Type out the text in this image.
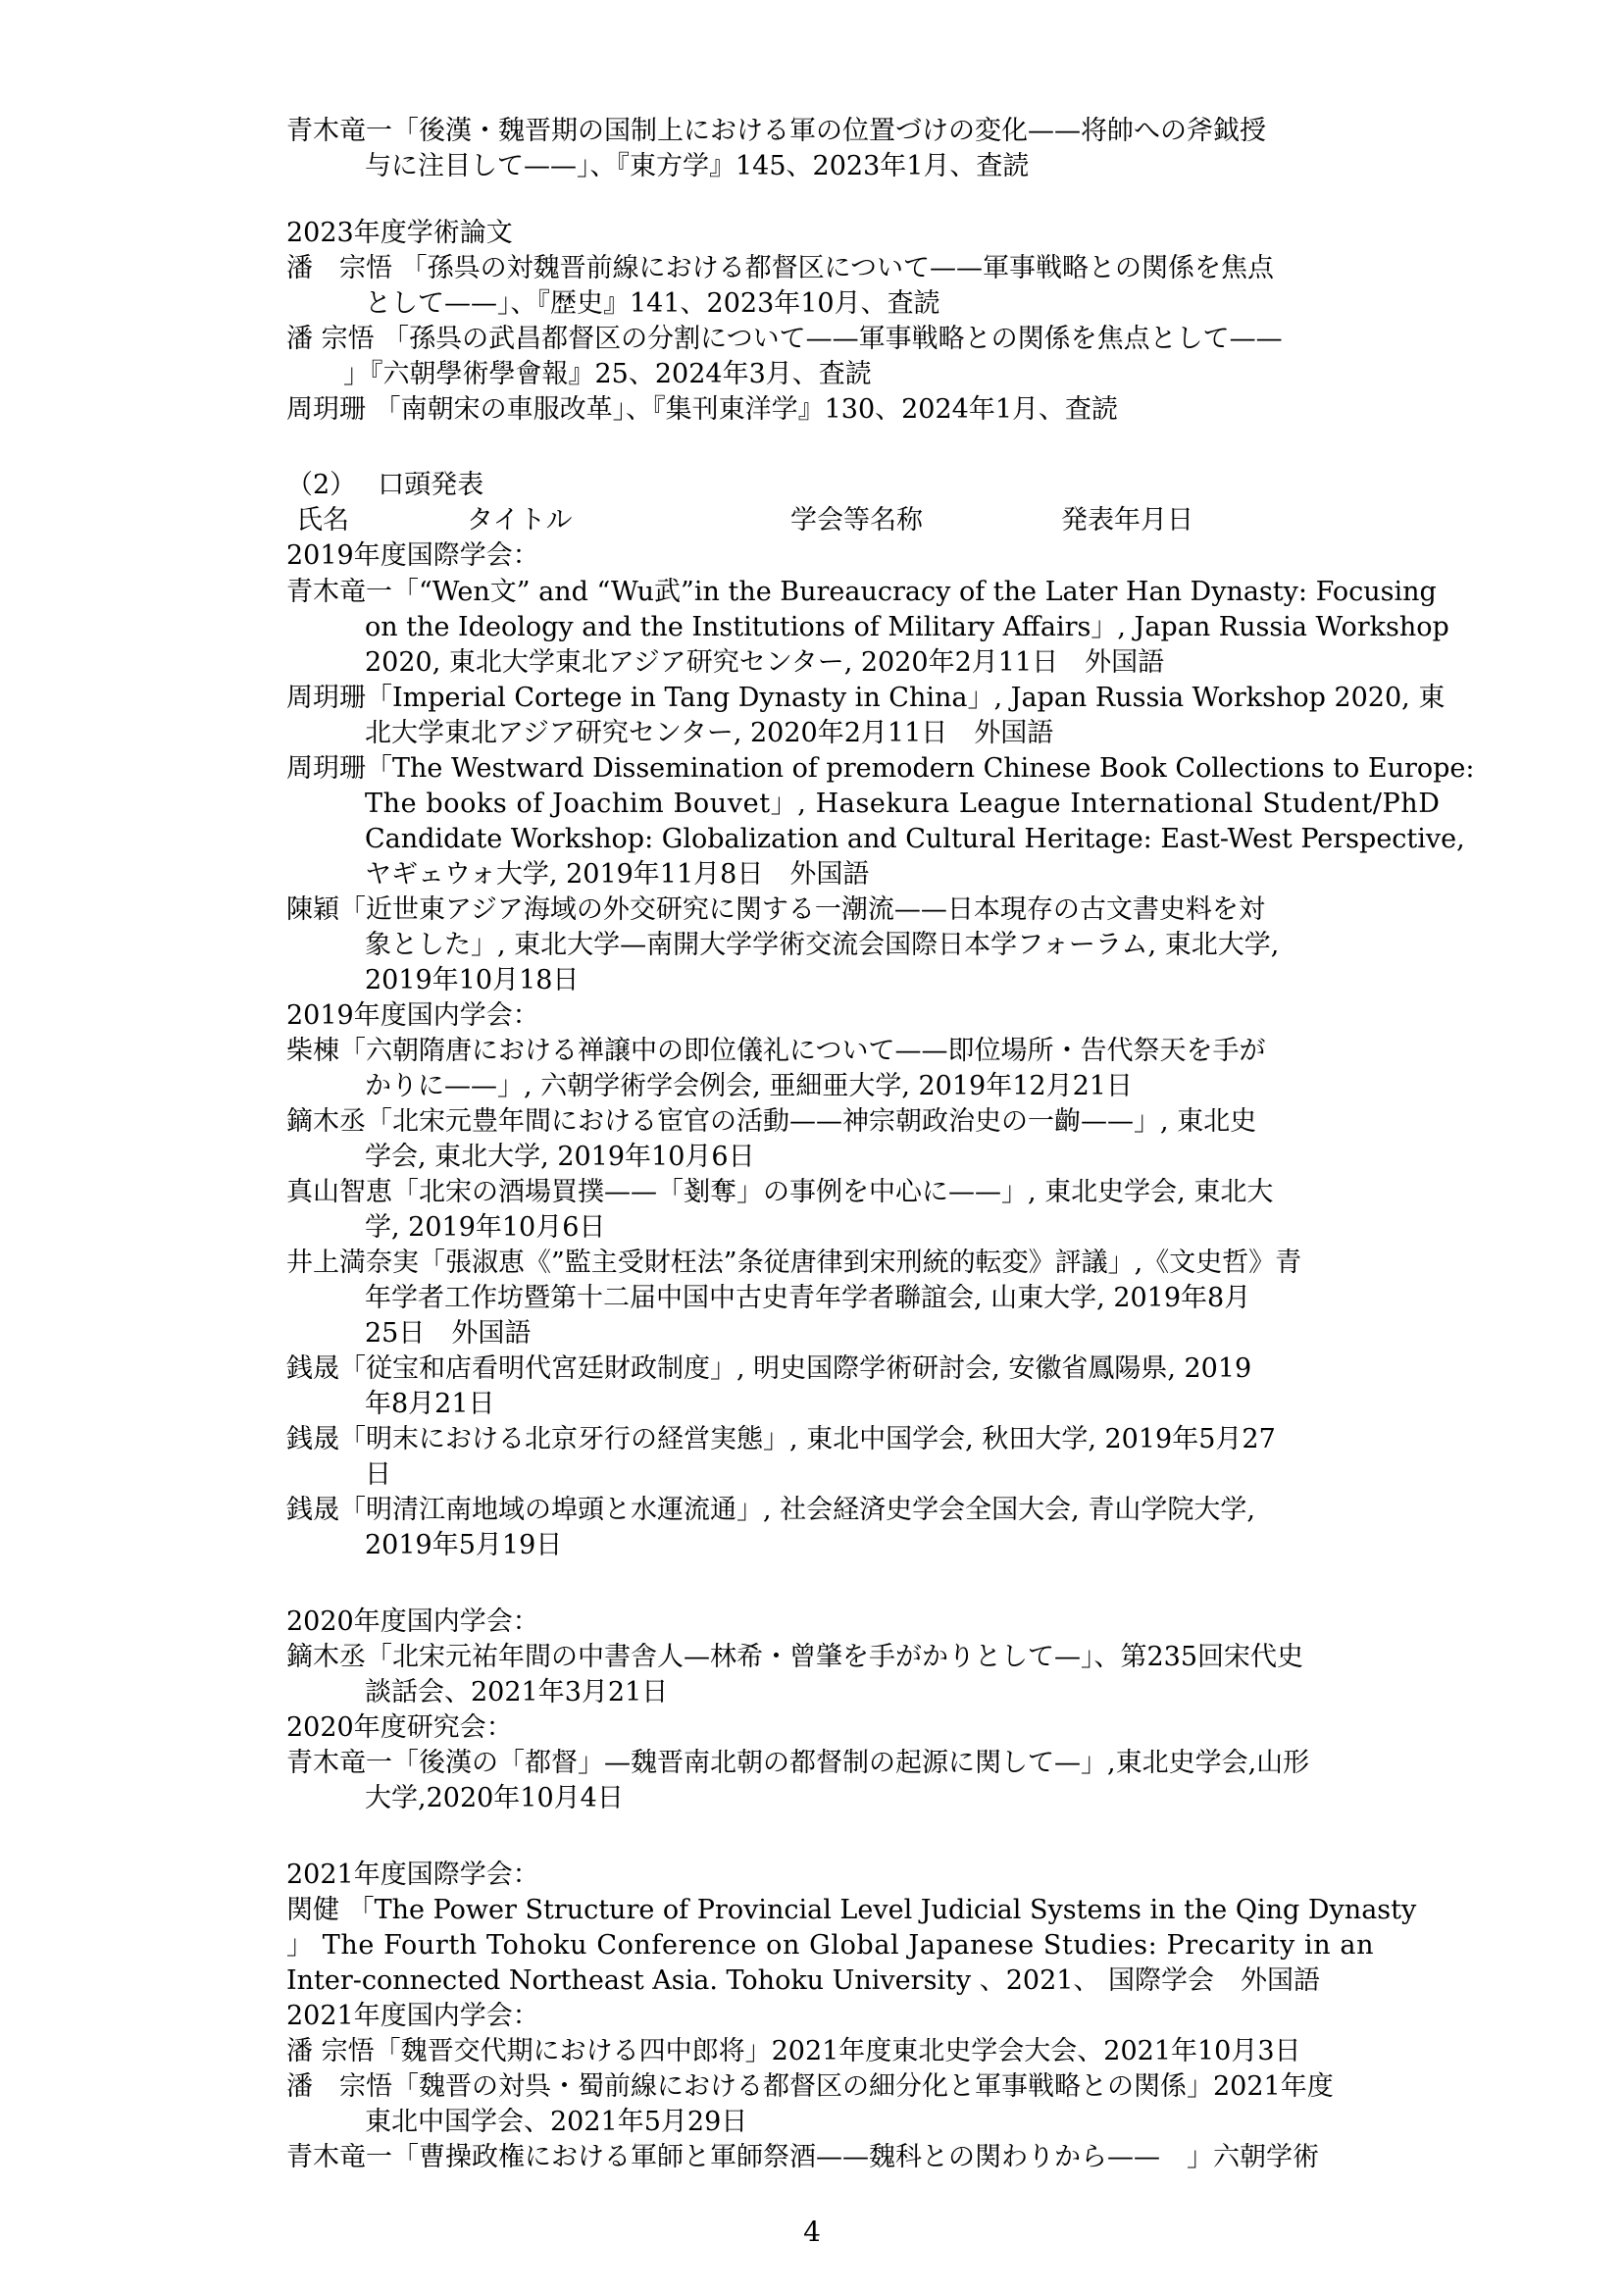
青木竜一「後漢・魏晋期の国制上における軍の位置づけの変化——将帥への斧鉞授
与に注目して——」、『東方学』145、2023年1月、査読
2023年度学術論文
潘　宗悟 「孫呉の対魏晋前線における都督区について——軍事戦略との関係を焦点
として——」、『歴史』141、2023年10月、査読
潘 宗悟 「孫呉の武昌都督区の分割について——軍事戦略との関係を焦点として——
」『六朝學術學會報』25、2024年3月、査読
周玥珊 「南朝宋の車服改革」、『集刊東洋学』130、2024年1月、査読
（2）　 口頭発表
氏名	タイトル	学会等名称	発表年月日
2019年度国際学会：
青木竜一「“Wen文” and “Wu武”in the Bureaucracy of the Later Han Dynasty: Focusing
on the Ideology and the Institutions of Military Affairs」, Japan Russia Workshop
2020, 東北大学東北アジア研究センター, 2020年2月11日　外国語
周玥珊「Imperial Cortege in Tang Dynasty in China」, Japan Russia Workshop 2020, 東
北大学東北アジア研究センター, 2020年2月11日　外国語
周玥珊「The Westward Dissemination of premodern Chinese Book Collections to Europe:
The books of Joachim Bouvet」, Hasekura League International Student/PhD
Candidate Workshop: Globalization and Cultural Heritage: East-West Perspective,
ヤギェウォ大学, 2019年11月8日　外国語
陳穎「近世東アジア海域の外交研究に関する一潮流——日本現存の古文書史料を対
象とした」, 東北大学—南開大学学術交流会国際日本学フォーラム, 東北大学,
2019年10月18日
2019年度国内学会：
柴棟「六朝隋唐における禅譲中の即位儀礼について——即位場所・告代祭天を手が
かりに——」, 六朝学術学会例会, 亜細亜大学, 2019年12月21日
鏑木丞「北宋元豊年間における宦官の活動——神宗朝政治史の一齣——」, 東北史
学会, 東北大学, 2019年10月6日
真山智恵「北宋の酒場買撲——「剗奪」の事例を中心に——」, 東北史学会, 東北大
学, 2019年10月6日
井上満奈実「張淑恵《”監主受財枉法”条従唐律到宋刑統的転変》評議」,《文史哲》青
年学者工作坊暨第十二届中国中古史青年学者聯誼会, 山東大学, 2019年8月
25日　外国語
銭晟「従宝和店看明代宮廷財政制度」, 明史国際学術研討会, 安徽省鳳陽県, 2019
年8月21日
銭晟「明末における北京牙行の経営実態」, 東北中国学会, 秋田大学, 2019年5月27
日
銭晟「明清江南地域の埠頭と水運流通」, 社会経済史学会全国大会, 青山学院大学,
2019年5月19日
2020年度国内学会：
鏑木丞「北宋元祐年間の中書舎人—林希・曾肇を手がかりとして—」、第235回宋代史
談話会、2021年3月21日
2020年度研究会：
青木竜一「後漢の「都督」—魏晋南北朝の都督制の起源に関して—」,東北史学会,山形
大学,2020年10月4日
2021年度国際学会：
関健 「The Power Structure of Provincial Level Judicial Systems in the Qing Dynasty
」 The Fourth Tohoku Conference on Global Japanese Studies: Precarity in an
Inter-connected Northeast Asia. Tohoku University 、2021、 国際学会　外国語
2021年度国内学会：
潘 宗悟「魏晋交代期における四中郎将」2021年度東北史学会大会、2021年10月3日
潘　宗悟「魏晋の対呉・蜀前線における都督区の細分化と軍事戦略との関係」2021年度
東北中国学会、2021年5月29日
青木竜一「曹操政権における軍師と軍師祭酒——魏科との関わりから——　」六朝学術
4
